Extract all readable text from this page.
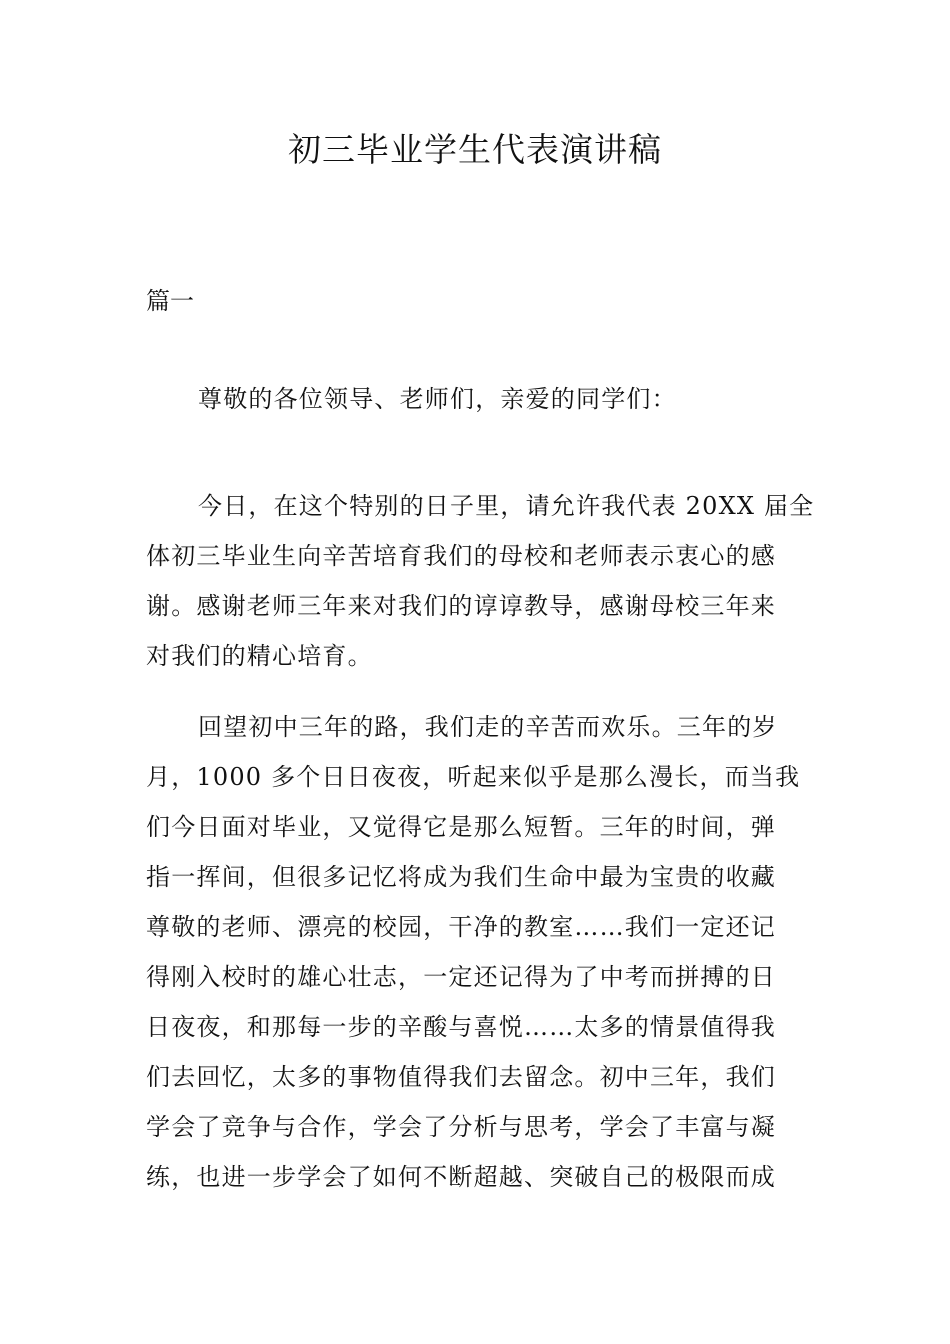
初三毕业学生代表演讲稿
篇一
尊敬的各位领导、老师们，亲爱的同学们：
今日，在这个特别的日子里，请允许我代表 20XX 届全
体初三毕业生向辛苦培育我们的母校和老师表示衷心的感
谢。感谢老师三年来对我们的谆谆教导，感谢母校三年来
对我们的精心培育。
回望初中三年的路，我们走的辛苦而欢乐。三年的岁
月，1000 多个日日夜夜，听起来似乎是那么漫长，而当我
们今日面对毕业，又觉得它是那么短暂。三年的时间，弹
指一挥间，但很多记忆将成为我们生命中最为宝贵的收藏
尊敬的老师、漂亮的校园，干净的教室……我们一定还记
得刚入校时的雄心壮志，一定还记得为了中考而拼搏的日
日夜夜，和那每一步的辛酸与喜悦……太多的情景值得我
们去回忆，太多的事物值得我们去留念。初中三年，我们
学会了竞争与合作，学会了分析与思考，学会了丰富与凝
练，也进一步学会了如何不断超越、突破自己的极限而成
